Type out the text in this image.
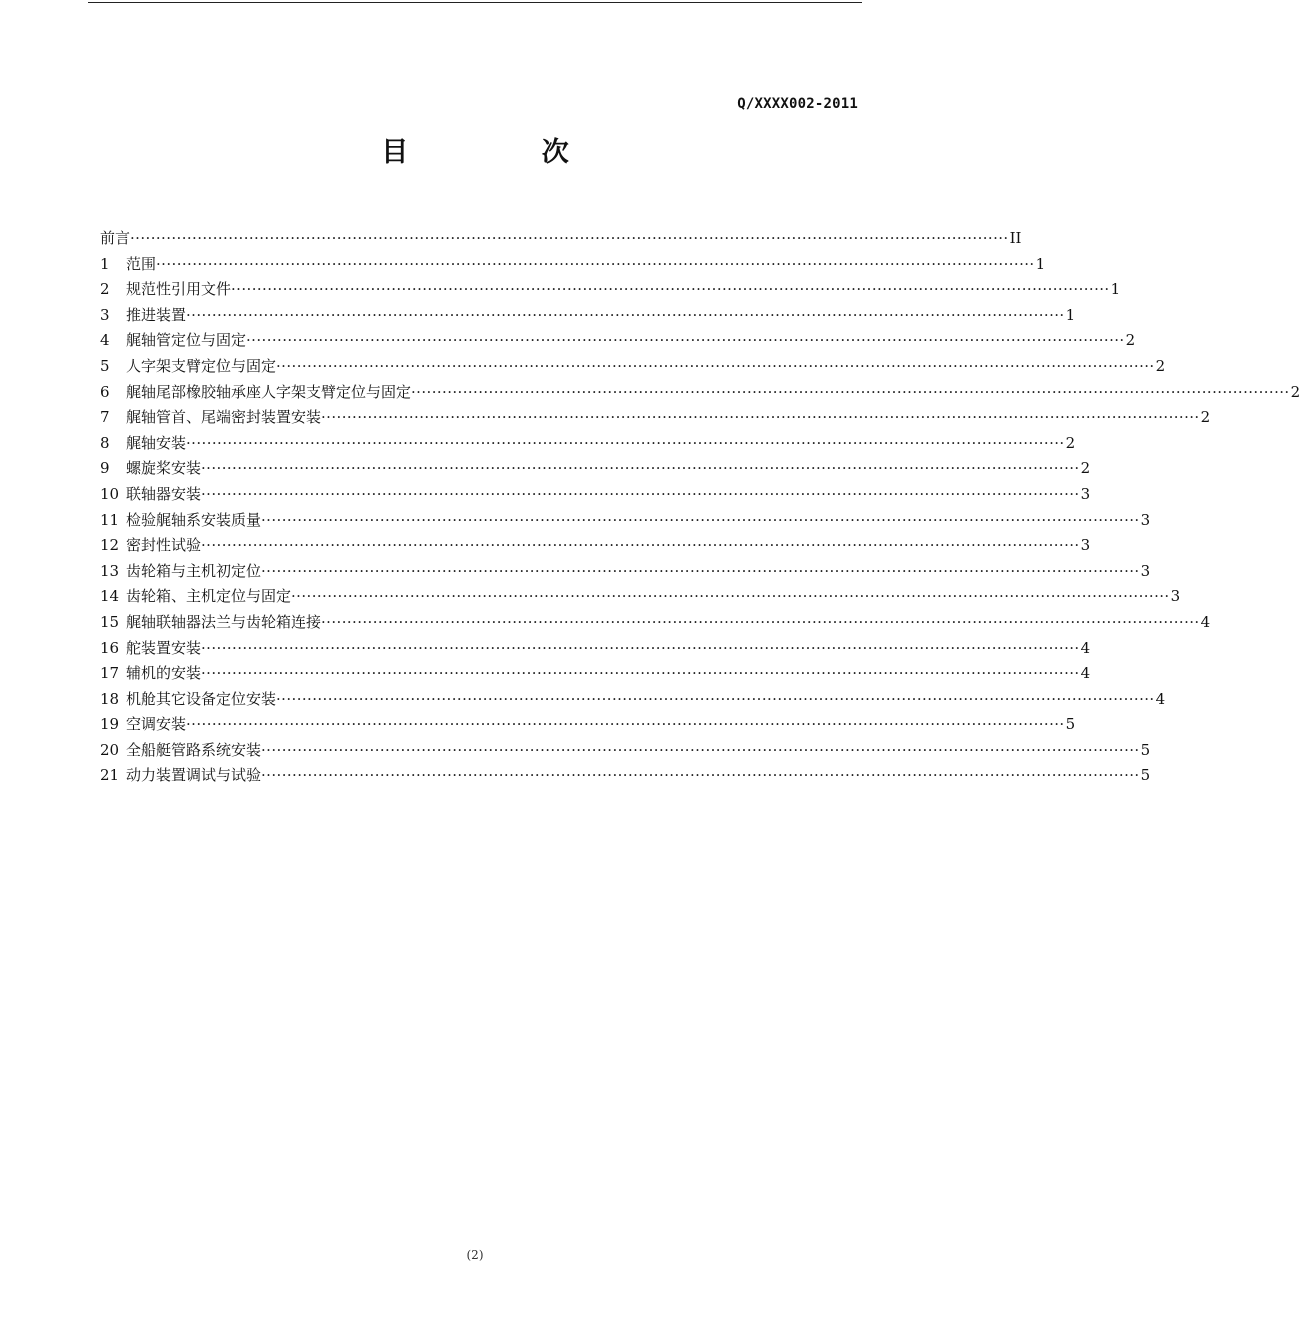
Q/XXXX002-2011
目 次
前言 ·········································································································································································· II
1	范围 ·········································································································································································· 1
2	规范性引用文件 ·········································································································································································· 1
3	推进装置 ·········································································································································································· 1
4	艉轴管定位与固定 ·········································································································································································· 2
5	人字架支臂定位与固定 ·········································································································································································· 2
6	艉轴尾部橡胶轴承座人字架支臂定位与固定 ·········································································································································································· 2
7	艉轴管首、尾端密封装置安装 ·········································································································································································· 2
8	艉轴安装 ·········································································································································································· 2
9	螺旋桨安装 ·········································································································································································· 2
10 联轴器安装 ·········································································································································································· 3
11 检验艉轴系安装质量 ·········································································································································································· 3
12 密封性试验 ·········································································································································································· 3
13 齿轮箱与主机初定位 ·········································································································································································· 3
14 齿轮箱、主机定位与固定 ·········································································································································································· 3
15 艉轴联轴器法兰与齿轮箱连接 ·········································································································································································· 4
16 舵装置安装 ·········································································································································································· 4
17 辅机的安装 ·········································································································································································· 4
18 机舱其它设备定位安装 ·········································································································································································· 4
19 空调安装 ·········································································································································································· 5
20 全船艇管路系统安装 ·········································································································································································· 5
21 动力装置调试与试验 ·········································································································································································· 5
(2)
